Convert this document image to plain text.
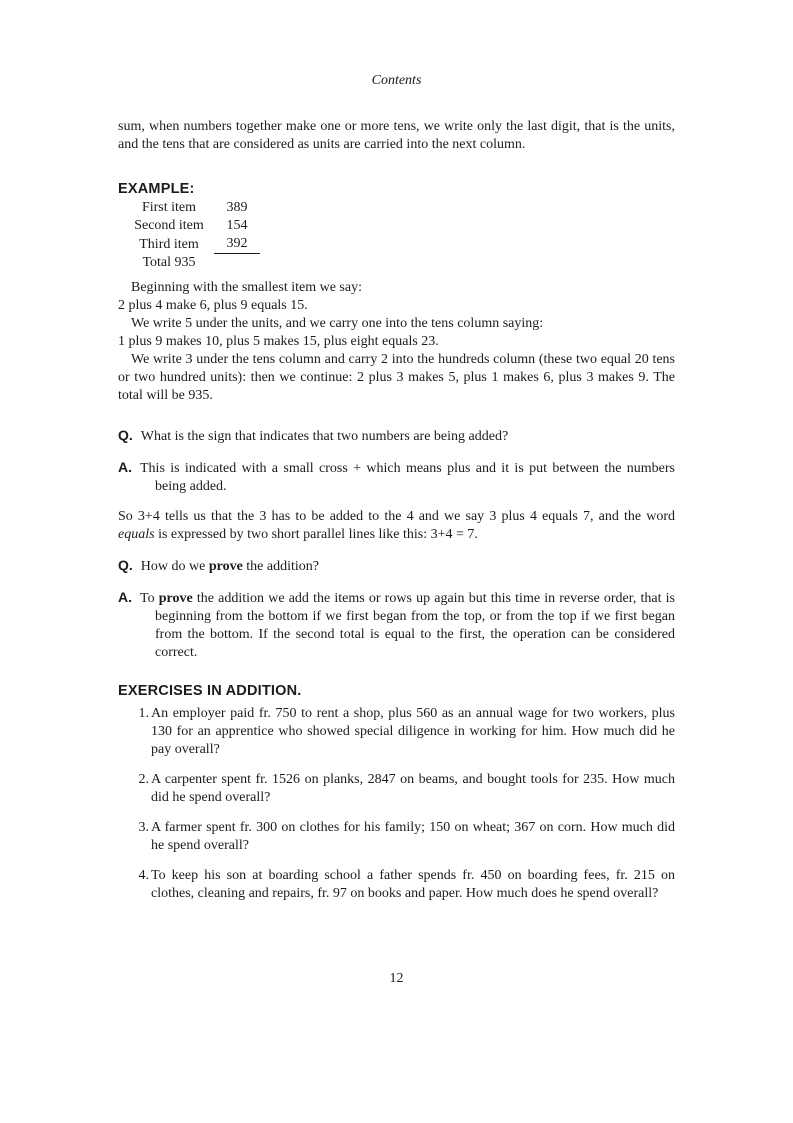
Contents

sum, when numbers together make one or more tens, we write only the last digit, that is the units, and the tens that are considered as units are carried into the next column.

EXAMPLE:
First item	389
Second item	154
Third item	392
Total 935	

Beginning with the smallest item we say:
2 plus 4 make 6, plus 9 equals 15.

We write 5 under the units, and we carry one into the tens column saying:
1 plus 9 makes 10, plus 5 makes 15, plus eight equals 23.

We write 3 under the tens column and carry 2 into the hundreds column (these two equal 20 tens or two hundred units): then we continue: 2 plus 3 makes 5, plus 1 makes 6, plus 3 makes 9. The total will be 935.

Q. What is the sign that indicates that two numbers are being added?

A. This is indicated with a small cross + which means plus and it is put between the numbers being added.

So 3+4 tells us that the 3 has to be added to the 4 and we say 3 plus 4 equals 7, and the word equals is expressed by two short parallel lines like this: 3+4 = 7.

Q. How do we prove the addition?

A. To prove the addition we add the items or rows up again but this time in reverse order, that is beginning from the bottom if we first began from the top, or from the top if we first began from the bottom. If the second total is equal to the first, the operation can be considered correct.

EXERCISES IN ADDITION.
1. An employer paid fr. 750 to rent a shop, plus 560 as an annual wage for two workers, plus 130 for an apprentice who showed special diligence in working for him. How much did he pay overall?
2. A carpenter spent fr. 1526 on planks, 2847 on beams, and bought tools for 235. How much did he spend overall?
3. A farmer spent fr. 300 on clothes for his family; 150 on wheat; 367 on corn. How much did he spend overall?
4. To keep his son at boarding school a father spends fr. 450 on boarding fees, fr. 215 on clothes, cleaning and repairs, fr. 97 on books and paper. How much does he spend overall?
12
